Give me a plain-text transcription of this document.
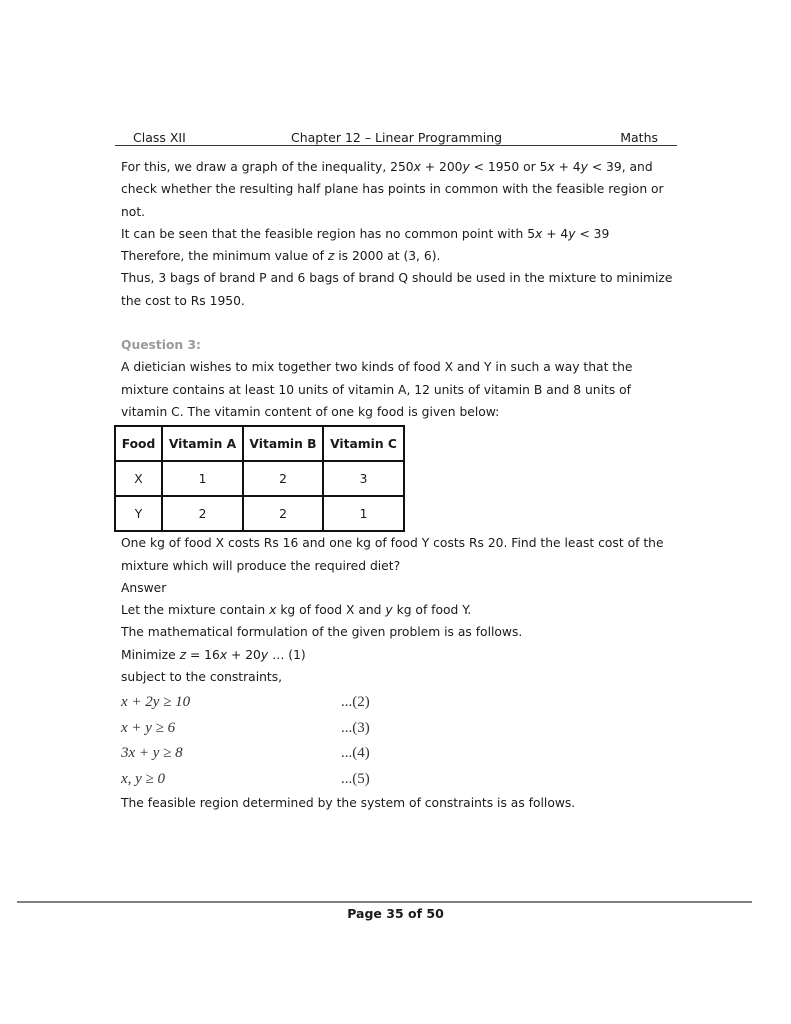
Class XII	Chapter 12 – Linear Programming	Maths

For this, we draw a graph of the inequality, 250x + 200y < 1950 or 5x + 4y < 39, and check whether the resulting half plane has points in common with the feasible region or not.

It can be seen that the feasible region has no common point with 5x + 4y < 39

Therefore, the minimum value of z is 2000 at (3, 6).

Thus, 3 bags of brand P and 6 bags of brand Q should be used in the mixture to minimize the cost to Rs 1950.

Question 3:

A dietician wishes to mix together two kinds of food X and Y in such a way that the mixture contains at least 10 units of vitamin A, 12 units of vitamin B and 8 units of vitamin C. The vitamin content of one kg food is given below:

Food	Vitamin A	Vitamin B	Vitamin C
X	1	2	3
Y	2	2	1

One kg of food X costs Rs 16 and one kg of food Y costs Rs 20. Find the least cost of the mixture which will produce the required diet?

Answer

Let the mixture contain x kg of food X and y kg of food Y.

The mathematical formulation of the given problem is as follows.

Minimize z = 16x + 20y … (1)

subject to the constraints,

x + 2y ≥ 10	...(2)
x + y ≥ 6	...(3)
3x + y ≥ 8	...(4)
x, y ≥ 0	...(5)

The feasible region determined by the system of constraints is as follows.

Page 35 of 50
